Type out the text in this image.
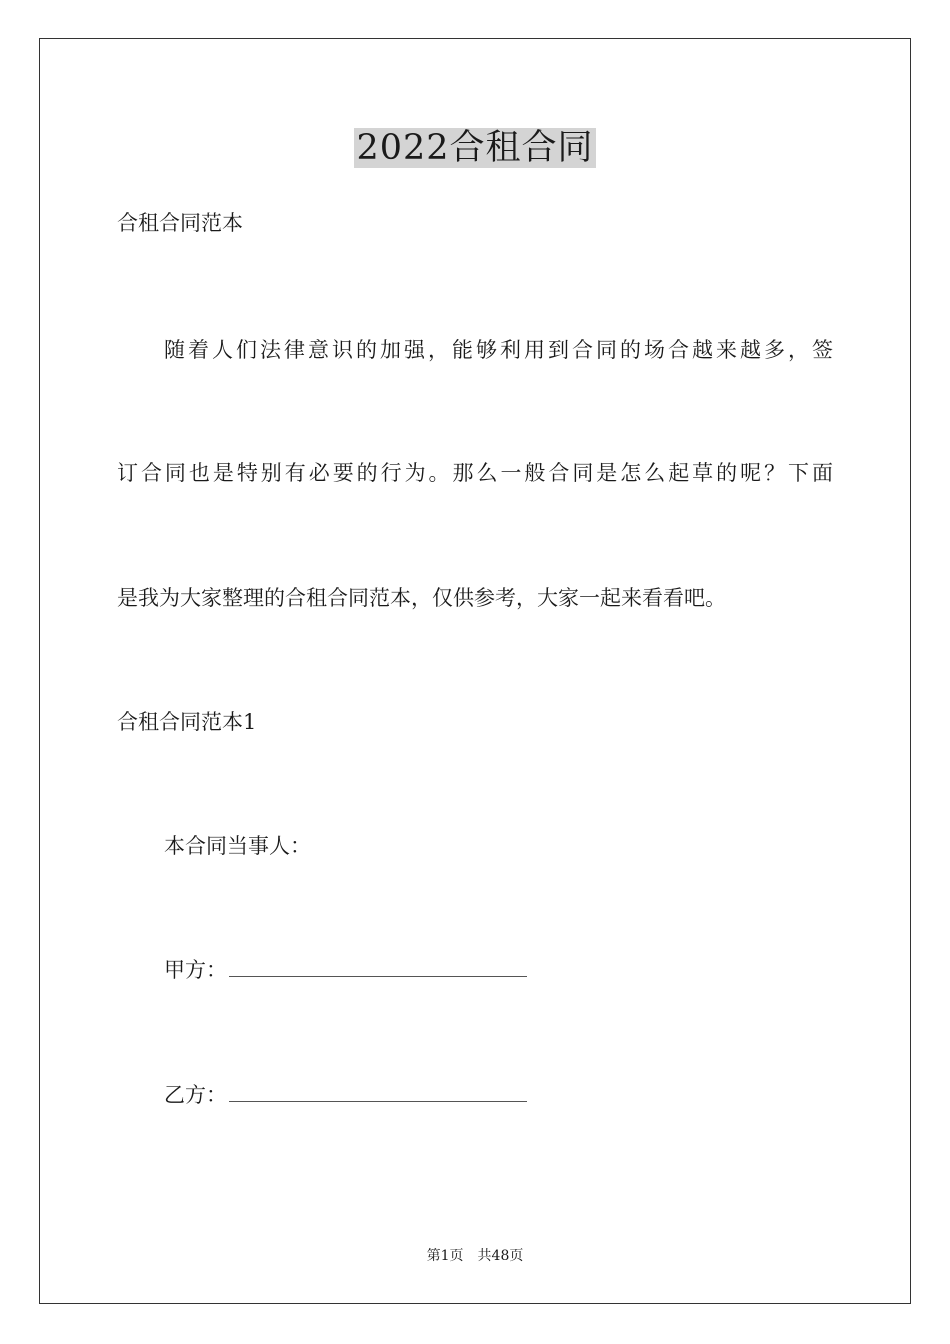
2022合租合同
合租合同范本
随着人们法律意识的加强，能够利用到合同的场合越来越多，签
订合同也是特别有必要的行为。那么一般合同是怎么起草的呢？下面
是我为大家整理的合租合同范本，仅供参考，大家一起来看看吧。
合租合同范本1
本合同当事人：
甲方：
乙方：
第1页 共48页
